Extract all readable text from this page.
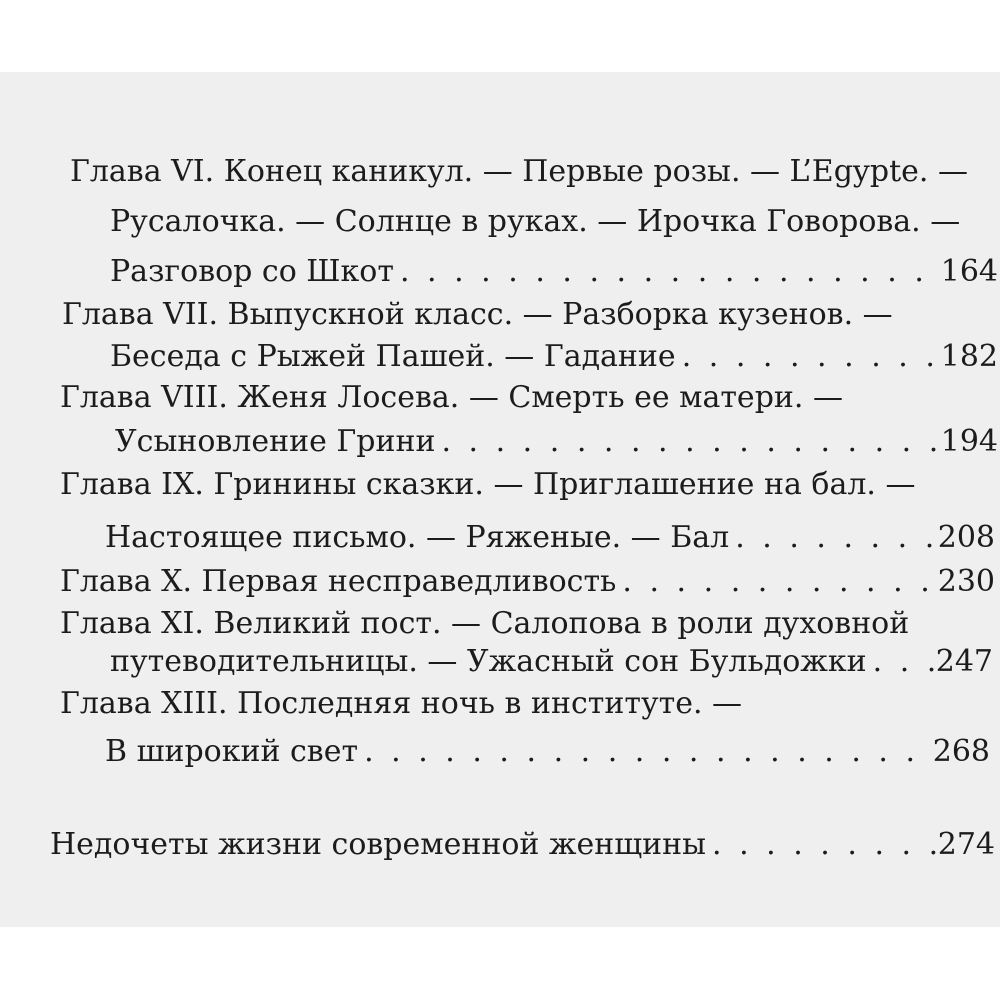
Глава VI. Конец каникул. — Первые розы. — L’Egypte. —
Русалочка. — Солнце в руках. — Ирочка Говорова. —
Разговор со Шкот . . .	164
Глава VII. Выпускной класс. — Разборка кузенов. —
Беседа с Рыжей Пашей. — Гадание . . .	182
Глава VIII. Женя Лосева. — Смерть ее матери. —
Усыновление Грини . . .	194
Глава IX. Гринины сказки. — Приглашение на бал. —
Настоящее письмо. — Ряженые. — Бал . . .	208
Глава X. Первая несправедливость . . .	230
Глава XI. Великий пост. — Салопова в роли духовной
путеводительницы. — Ужасный сон Бульдожки . . . 247
Глава XIII. Последняя ночь в институте. —
В широкий свет . . .	268
Недочеты жизни современной женщины . . .	274
